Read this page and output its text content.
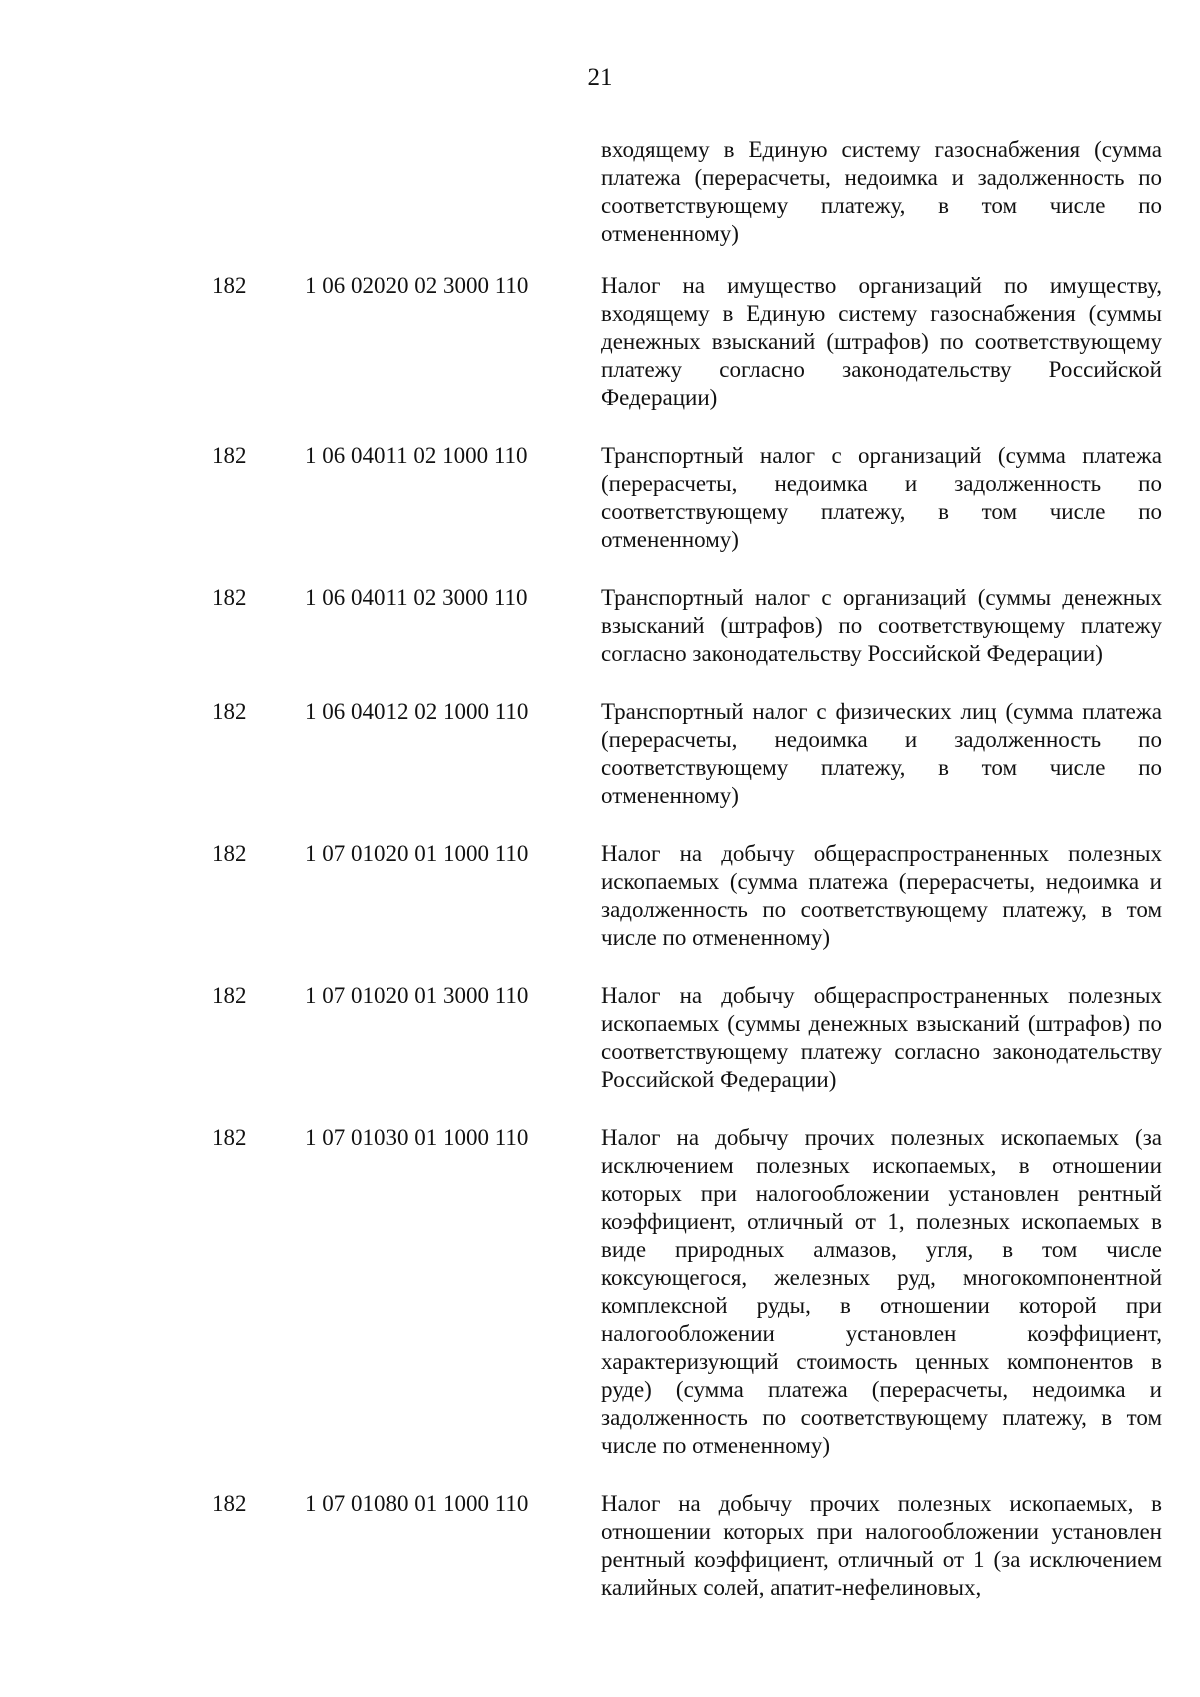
21
входящему в Единую систему газоснабжения (сумма платежа (перерасчеты, недоимка и задолженность по соответствующему платежу, в том числе по отмененному)
182	1 06 02020 02 3000 110	Налог на имущество организаций по имуществу, входящему в Единую систему газоснабжения (суммы денежных взысканий (штрафов) по соответствующему платежу согласно законодательству Российской Федерации)
182	1 06 04011 02 1000 110	Транспортный налог с организаций (сумма платежа (перерасчеты, недоимка и задолженность по соответствующему платежу, в том числе по отмененному)
182	1 06 04011 02 3000 110	Транспортный налог с организаций (суммы денежных взысканий (штрафов) по соответствующему платежу согласно законодательству Российской Федерации)
182	1 06 04012 02 1000 110	Транспортный налог с физических лиц (сумма платежа (перерасчеты, недоимка и задолженность по соответствующему платежу, в том числе по отмененному)
182	1 07 01020 01 1000 110	Налог на добычу общераспространенных полезных ископаемых (сумма платежа (перерасчеты, недоимка и задолженность по соответствующему платежу, в том числе по отмененному)
182	1 07 01020 01 3000 110	Налог на добычу общераспространенных полезных ископаемых (суммы денежных взысканий (штрафов) по соответствующему платежу согласно законодательству Российской Федерации)
182	1 07 01030 01 1000 110	Налог на добычу прочих полезных ископаемых (за исключением полезных ископаемых, в отношении которых при налогообложении установлен рентный коэффициент, отличный от 1, полезных ископаемых в виде природных алмазов, угля, в том числе коксующегося, железных руд, многокомпонентной комплексной руды, в отношении которой при налогообложении установлен коэффициент, характеризующий стоимость ценных компонентов в руде) (сумма платежа (перерасчеты, недоимка и задолженность по соответствующему платежу, в том числе по отмененному)
182	1 07 01080 01 1000 110	Налог на добычу прочих полезных ископаемых, в отношении которых при налогообложении установлен рентный коэффициент, отличный от 1 (за исключением калийных солей, апатит-нефелиновых,
